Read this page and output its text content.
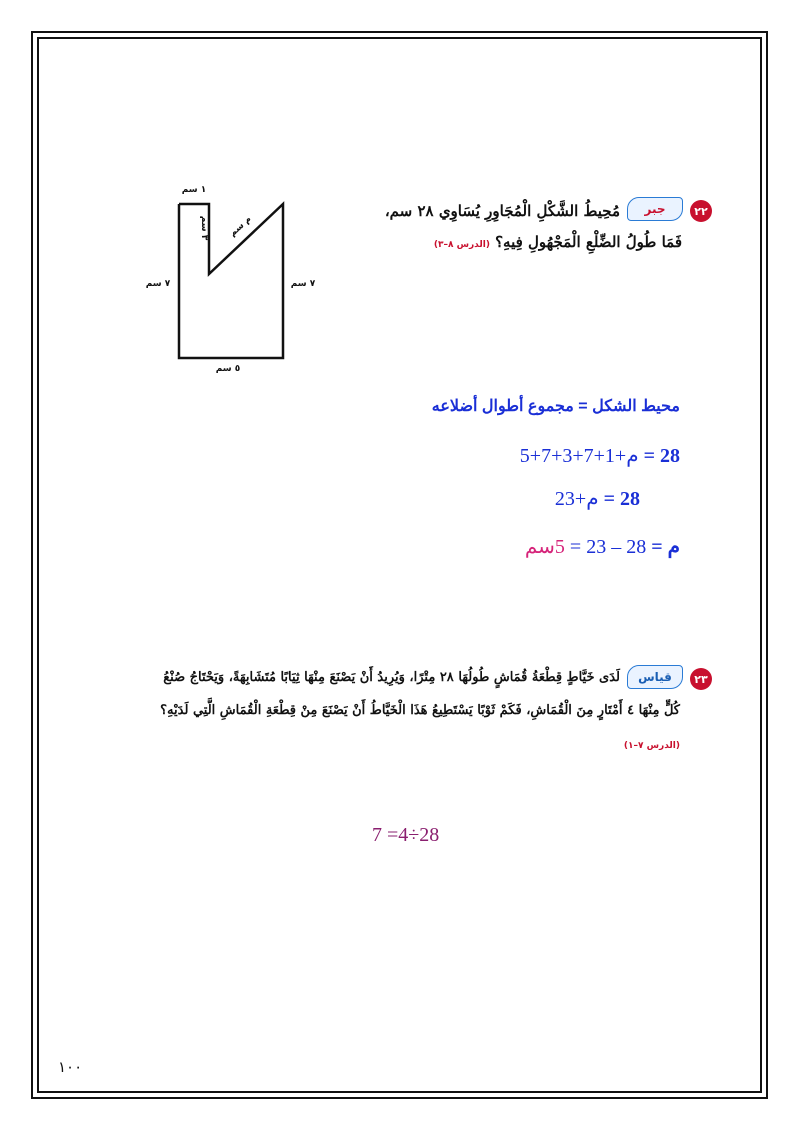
٢٢
جبر
مُحِيطُ الشَّكْلِ الْمُجَاوِرِ يُسَاوِي ٢٨ سم،
فَمَا طُولُ الضِّلْعِ الْمَجْهُولِ فِيهِ؟ (الدرس ٨–٣)
١ سم
٣ سم م سم
٧ سم	٧ سم
٥ سم
محيط الشكل = مجموع أطوال أضلاعه
28 = م+1+7+3+7+5
28 = م+23
م = 28 – 23 = 5سم
٢٣
قياس
لَدَى خَيَّاطٍ قِطْعَةُ قُمَاشٍ طُولُهَا ٢٨ مِتْرًا، وَيُرِيدُ أَنْ يَصْنَعَ مِنْهَا ثِيَابًا مُتَشَابِهَةً، وَيَحْتَاجُ صُنْعُ
كُلٍّ مِنْهَا ٤ أَمْتَارٍ مِنَ الْقُمَاشِ، فَكَمْ ثَوْبًا يَسْتَطِيعُ هَذَا الْخَيَّاطُ أَنْ يَصْنَعَ مِنْ قِطْعَةِ الْقُمَاشِ الَّتِي لَدَيْهِ؟
(الدرس ٧–١)
7 =4÷28
١٠٠
